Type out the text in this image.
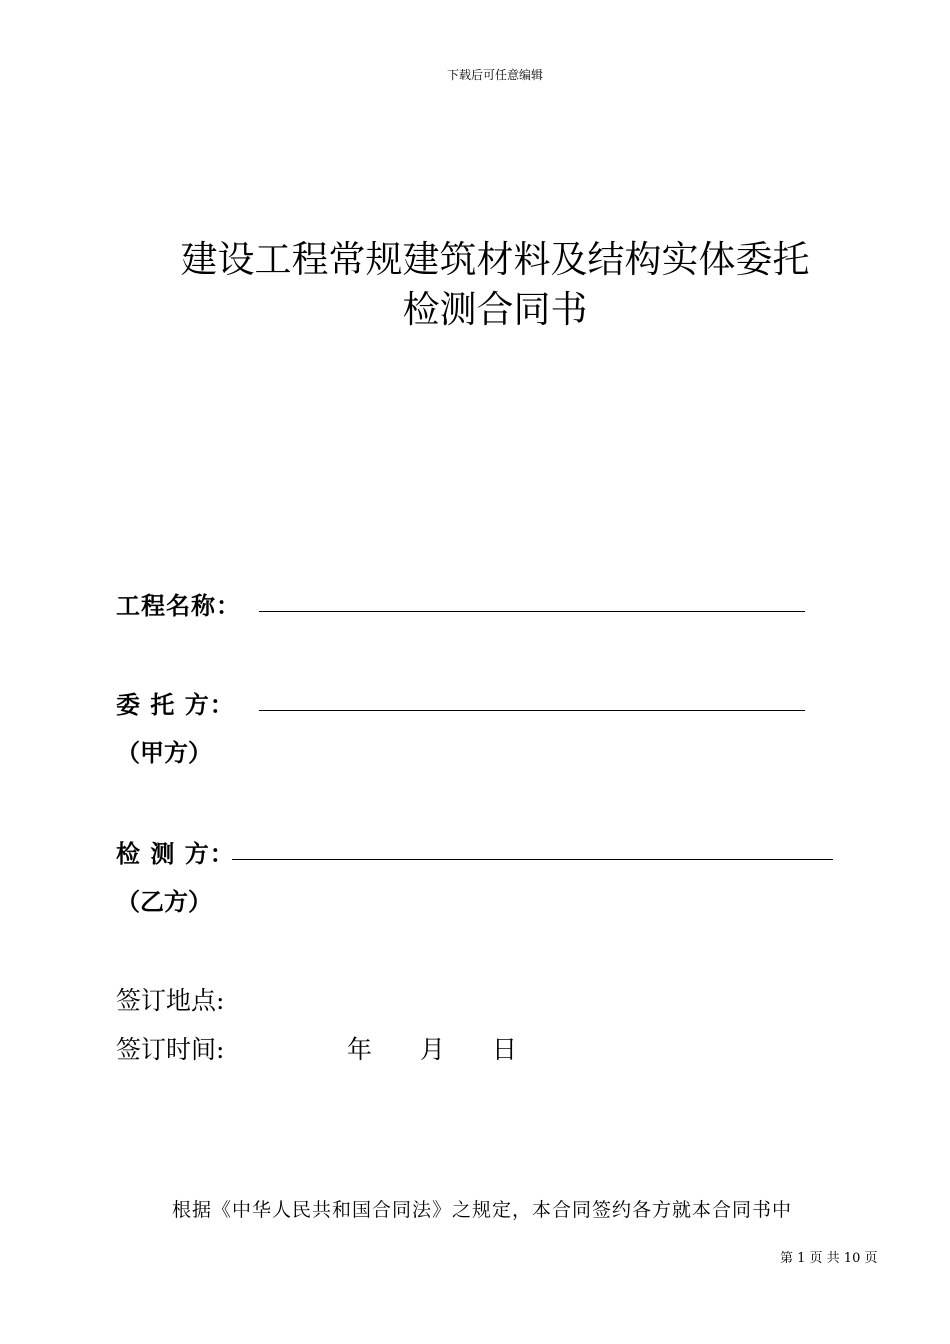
下载后可任意编辑
建设工程常规建筑材料及结构实体委托
检测合同书
工程名称：
委 托 方：
（甲方）
检 测 方：
（乙方）
签订地点:
签订时间:	年 月 日
根据《中华人民共和国合同法》之规定，本合同签约各方就本合同书中
第 1 页 共 10 页
